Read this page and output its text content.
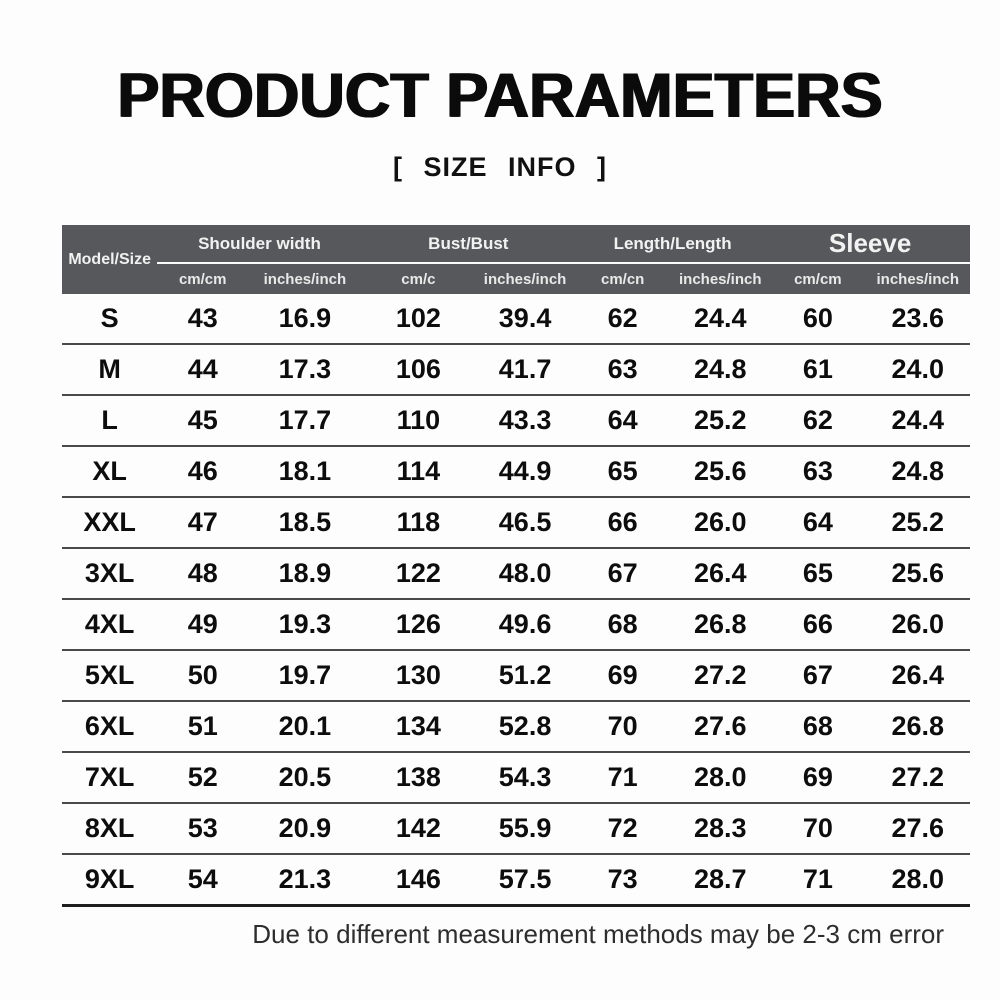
PRODUCT PARAMETERS
[ SIZE INFO ]
Model/Size	Shoulder width		Bust/Bust		Length/Length		Sleeve	
	cm/cm	inches/inch	cm/c	inches/inch	cm/cn	inches/inch	cm/cm	inches/inch
S	43	16.9	102	39.4	62	24.4	60	23.6
M	44	17.3	106	41.7	63	24.8	61	24.0
L	45	17.7	110	43.3	64	25.2	62	24.4
XL	46	18.1	114	44.9	65	25.6	63	24.8
XXL	47	18.5	118	46.5	66	26.0	64	25.2
3XL	48	18.9	122	48.0	67	26.4	65	25.6
4XL	49	19.3	126	49.6	68	26.8	66	26.0
5XL	50	19.7	130	51.2	69	27.2	67	26.4
6XL	51	20.1	134	52.8	70	27.6	68	26.8
7XL	52	20.5	138	54.3	71	28.0	69	27.2
8XL	53	20.9	142	55.9	72	28.3	70	27.6
9XL	54	21.3	146	57.5	73	28.7	71	28.0
Due to different measurement methods may be 2-3 cm error
